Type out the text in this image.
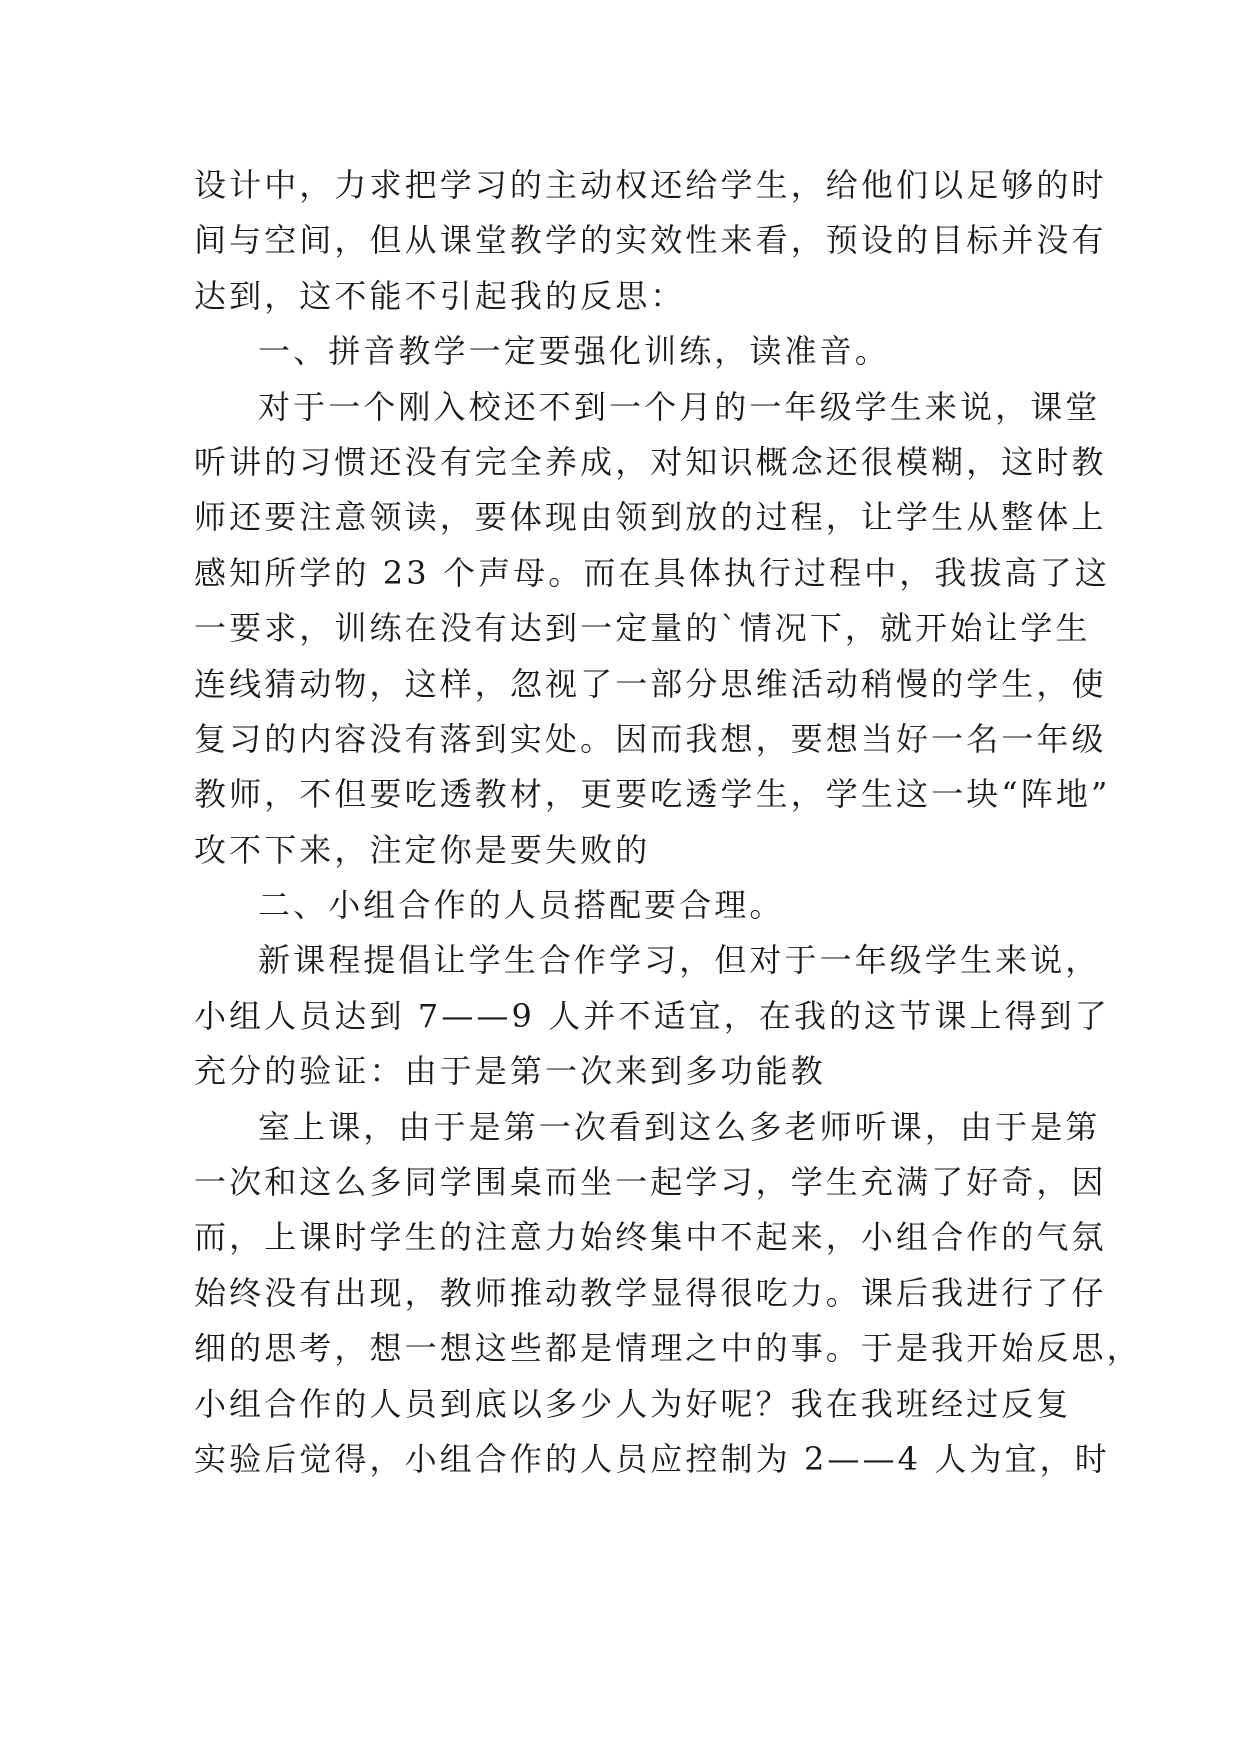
设计中，力求把学习的主动权还给学生，给他们以足够的时
间与空间，但从课堂教学的实效性来看，预设的目标并没有
达到，这不能不引起我的反思：
一、拼音教学一定要强化训练，读准音。
对于一个刚入校还不到一个月的一年级学生来说，课堂
听讲的习惯还没有完全养成，对知识概念还很模糊，这时教
师还要注意领读，要体现由领到放的过程，让学生从整体上
感知所学的 23 个声母。而在具体执行过程中，我拔高了这
一要求，训练在没有达到一定量的`情况下，就开始让学生
连线猜动物，这样，忽视了一部分思维活动稍慢的学生，使
复习的内容没有落到实处。因而我想，要想当好一名一年级
教师，不但要吃透教材，更要吃透学生，学生这一块“阵地”
攻不下来，注定你是要失败的
二、小组合作的人员搭配要合理。
新课程提倡让学生合作学习，但对于一年级学生来说，
小组人员达到 7——9 人并不适宜，在我的这节课上得到了
充分的验证：由于是第一次来到多功能教
室上课，由于是第一次看到这么多老师听课，由于是第
一次和这么多同学围桌而坐一起学习，学生充满了好奇，因
而，上课时学生的注意力始终集中不起来，小组合作的气氛
始终没有出现，教师推动教学显得很吃力。课后我进行了仔
细的思考，想一想这些都是情理之中的事。于是我开始反思，
小组合作的人员到底以多少人为好呢？我在我班经过反复
实验后觉得，小组合作的人员应控制为 2——4 人为宜，时
